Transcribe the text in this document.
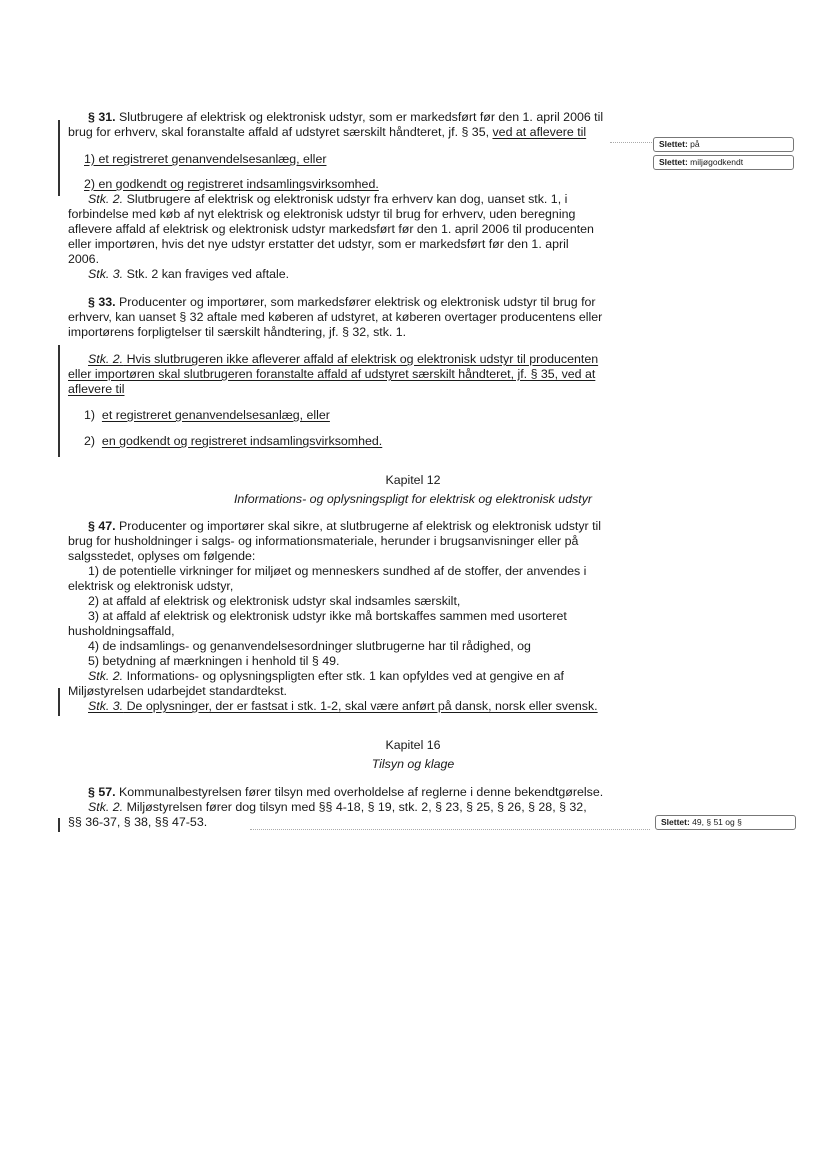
§ 31. Slutbrugere af elektrisk og elektronisk udstyr, som er markedsført før den 1. april 2006 til
brug for erhverv, skal foranstalte affald af udstyret særskilt håndteret, jf. § 35, ved at aflevere til
1) et registreret genanvendelsesanlæg, eller
2) en godkendt og registreret indsamlingsvirksomhed.
Stk. 2. Slutbrugere af elektrisk og elektronisk udstyr fra erhverv kan dog, uanset stk. 1, i
forbindelse med køb af nyt elektrisk og elektronisk udstyr til brug for erhverv, uden beregning
aflevere affald af elektrisk og elektronisk udstyr markedsført før den 1. april 2006 til producenten
eller importøren, hvis det nye udstyr erstatter det udstyr, som er markedsført før den 1. april
2006.
Stk. 3. Stk. 2 kan fraviges ved aftale.
§ 33. Producenter og importører, som markedsfører elektrisk og elektronisk udstyr til brug for
erhverv, kan uanset § 32 aftale med køberen af udstyret, at køberen overtager producentens eller
importørens forpligtelser til særskilt håndtering, jf. § 32, stk. 1.
Stk. 2. Hvis slutbrugeren ikke afleverer affald af elektrisk og elektronisk udstyr til producenten
eller importøren skal slutbrugeren foranstalte affald af udstyret særskilt håndteret, jf. § 35, ved at
aflevere til
1) et registreret genanvendelsesanlæg, eller
2) en godkendt og registreret indsamlingsvirksomhed.
Kapitel 12
Informations- og oplysningspligt for elektrisk og elektronisk udstyr
§ 47. Producenter og importører skal sikre, at slutbrugerne af elektrisk og elektronisk udstyr til
brug for husholdninger i salgs- og informationsmateriale, herunder i brugsanvisninger eller på
salgsstedet, oplyses om følgende:
1) de potentielle virkninger for miljøet og menneskers sundhed af de stoffer, der anvendes i
elektrisk og elektronisk udstyr,
2) at affald af elektrisk og elektronisk udstyr skal indsamles særskilt,
3) at affald af elektrisk og elektronisk udstyr ikke må bortskaffes sammen med usorteret
husholdningsaffald,
4) de indsamlings- og genanvendelsesordninger slutbrugerne har til rådighed, og
5) betydning af mærkningen i henhold til § 49.
Stk. 2. Informations- og oplysningspligten efter stk. 1 kan opfyldes ved at gengive en af
Miljøstyrelsen udarbejdet standardtekst.
Stk. 3. De oplysninger, der er fastsat i stk. 1-2, skal være anført på dansk, norsk eller svensk.
Kapitel 16
Tilsyn og klage
§ 57. Kommunalbestyrelsen fører tilsyn med overholdelse af reglerne i denne bekendtgørelse.
Stk. 2. Miljøstyrelsen fører dog tilsyn med §§ 4-18, § 19, stk. 2, § 23, § 25, § 26, § 28, § 32,
§§ 36-37, § 38, §§ 47-53.
Slettet: på
Slettet: miljøgodkendt
Slettet: 49, § 51 og §
